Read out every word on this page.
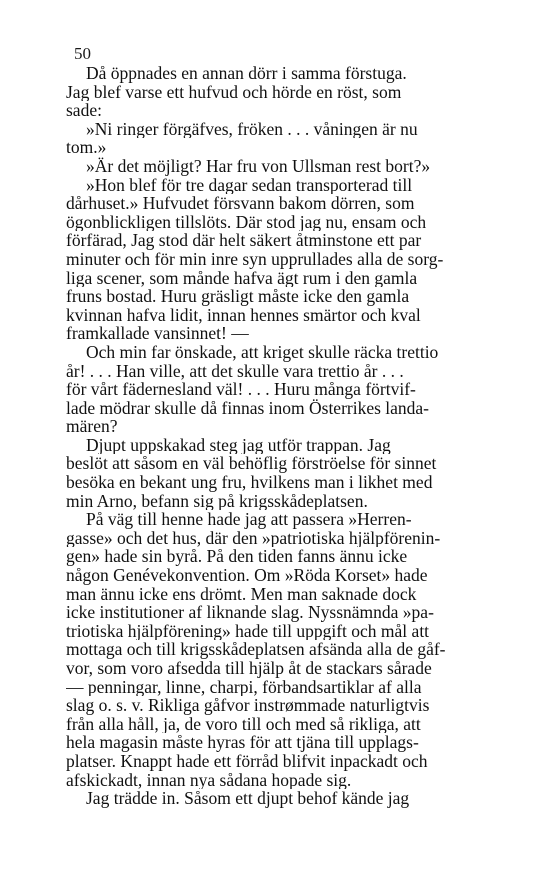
50
Då öppnades en annan dörr i samma förstuga.
Jag blef varse ett hufvud och hörde en röst, som
sade:
»Ni ringer förgäfves, fröken . . . våningen är nu
tom.»
»Är det möjligt? Har fru von Ullsman rest bort?»
»Hon blef för tre dagar sedan transporterad till
dårhuset.» Hufvudet försvann bakom dörren, som
ögonblickligen tillslöts. Där stod jag nu, ensam och
förfärad, Jag stod där helt säkert åtminstone ett par
minuter och för min inre syn upprullades alla de sorg-
liga scener, som månde hafva ägt rum i den gamla
fruns bostad. Huru gräsligt måste icke den gamla
kvinnan hafva lidit, innan hennes smärtor och kval
framkallade vansinnet! —
Och min far önskade, att kriget skulle räcka trettio
år! . . . Han ville, att det skulle vara trettio år . . .
för vårt fädernesland väl! . . . Huru många förtvif-
lade mödrar skulle då finnas inom Österrikes landa-
mären?
Djupt uppskakad steg jag utför trappan. Jag
beslöt att såsom en väl behöflig förströelse för sinnet
besöka en bekant ung fru, hvilkens man i likhet med
min Arno, befann sig på krigsskådeplatsen.
På väg till henne hade jag att passera »Herren-
gasse» och det hus, där den »patriotiska hjälpförenin-
gen» hade sin byrå. På den tiden fanns ännu icke
någon Genévekonvention. Om »Röda Korset» hade
man ännu icke ens drömt. Men man saknade dock
icke institutioner af liknande slag. Nyssnämnda »pa-
triotiska hjälpförening» hade till uppgift och mål att
mottaga och till krigsskådeplatsen afsända alla de gåf-
vor, som voro afsedda till hjälp åt de stackars sårade
— penningar, linne, charpi, förbandsartiklar af alla
slag o. s. v. Rikliga gåfvor instrømmade naturligtvis
från alla håll, ja, de voro till och med så rikliga, att
hela magasin måste hyras för att tjäna till upplags-
platser. Knappt hade ett förråd blifvit inpackadt och
afskickadt, innan nya sådana hopade sig.
Jag trädde in. Såsom ett djupt behof kände jag
